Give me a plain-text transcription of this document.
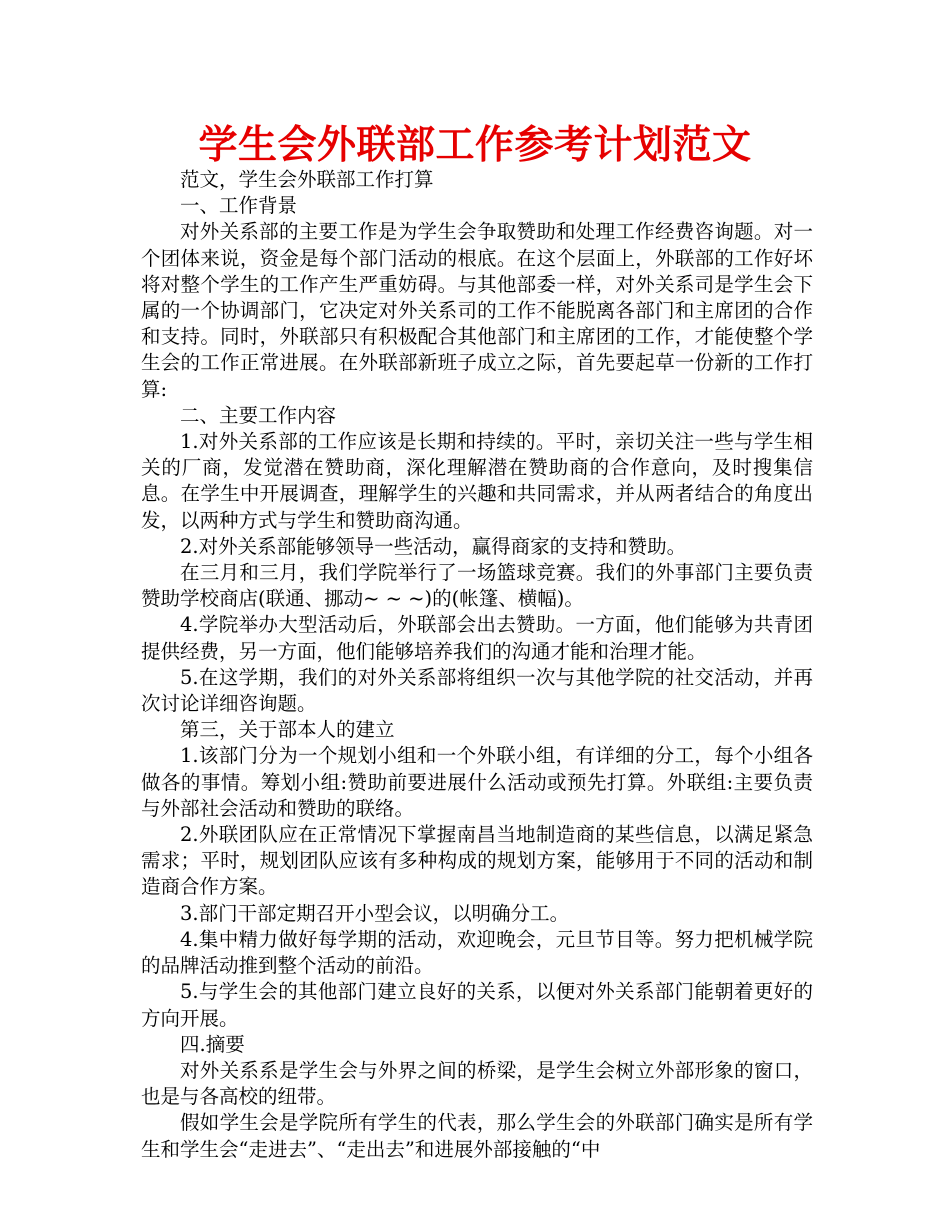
学生会外联部工作参考计划范文

范文，学生会外联部工作打算

一、工作背景

对外关系部的主要工作是为学生会争取赞助和处理工作经费咨询题。对一个团体来说，资金是每个部门活动的根底。在这个层面上，外联部的工作好坏将对整个学生的工作产生严重妨碍。与其他部委一样，对外关系司是学生会下属的一个协调部门，它决定对外关系司的工作不能脱离各部门和主席团的合作和支持。同时，外联部只有积极配合其他部门和主席团的工作，才能使整个学生会的工作正常进展。在外联部新班子成立之际，首先要起草一份新的工作打算:

二、主要工作内容

1.对外关系部的工作应该是长期和持续的。平时，亲切关注一些与学生相关的厂商，发觉潜在赞助商，深化理解潜在赞助商的合作意向，及时搜集信息。在学生中开展调查，理解学生的兴趣和共同需求，并从两者结合的角度出发，以两种方式与学生和赞助商沟通。

2.对外关系部能够领导一些活动，赢得商家的支持和赞助。

在三月和三月，我们学院举行了一场篮球竞赛。我们的外事部门主要负责赞助学校商店(联通、挪动~ ~ ~)的(帐篷、横幅)。

4.学院举办大型活动后，外联部会出去赞助。一方面，他们能够为共青团提供经费，另一方面，他们能够培养我们的沟通才能和治理才能。

5.在这学期，我们的对外关系部将组织一次与其他学院的社交活动，并再次讨论详细咨询题。

第三，关于部本人的建立

1.该部门分为一个规划小组和一个外联小组，有详细的分工，每个小组各做各的事情。筹划小组:赞助前要进展什么活动或预先打算。外联组:主要负责与外部社会活动和赞助的联络。

2.外联团队应在正常情况下掌握南昌当地制造商的某些信息，以满足紧急需求；平时，规划团队应该有多种构成的规划方案，能够用于不同的活动和制造商合作方案。

3.部门干部定期召开小型会议，以明确分工。

4.集中精力做好每学期的活动，欢迎晚会，元旦节目等。努力把机械学院的品牌活动推到整个活动的前沿。

5.与学生会的其他部门建立良好的关系，以便对外关系部门能朝着更好的方向开展。

四.摘要

对外关系系是学生会与外界之间的桥梁，是学生会树立外部形象的窗口，也是与各高校的纽带。

假如学生会是学院所有学生的代表，那么学生会的外联部门确实是所有学生和学生会“走进去”、“走出去”和进展外部接触的“中
